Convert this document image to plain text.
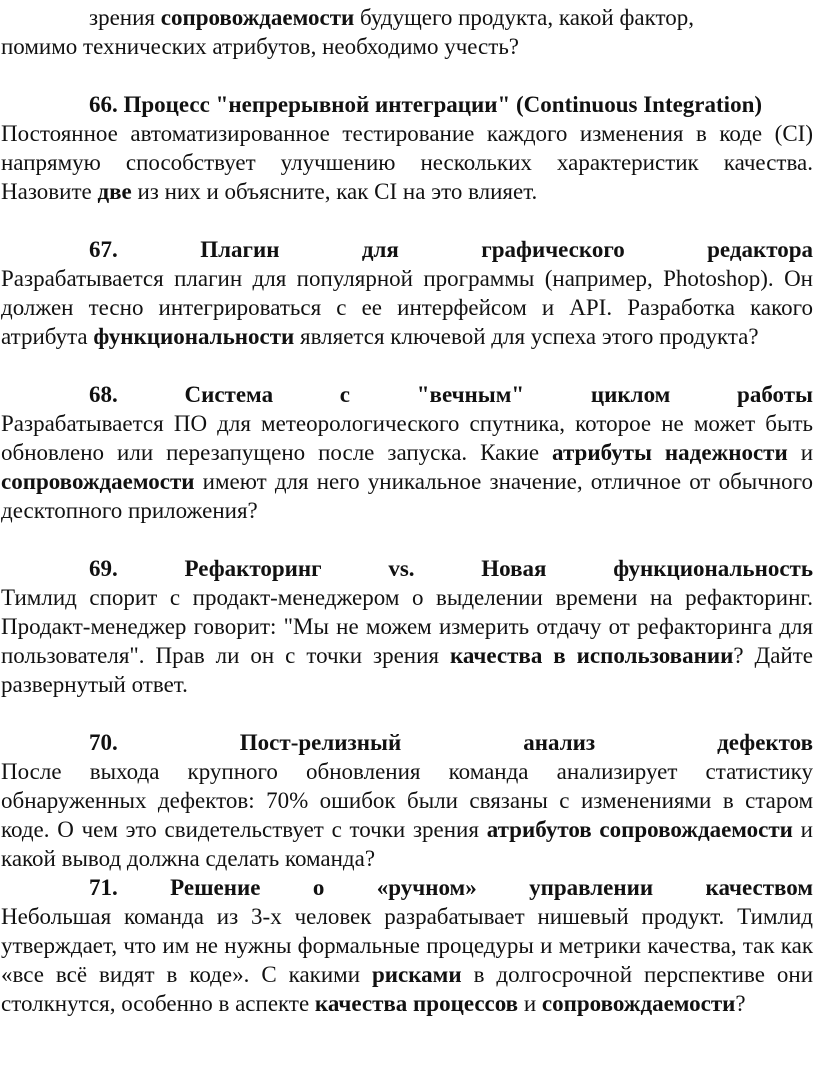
зрения сопровождаемости будущего продукта, какой фактор,

помимо технических атрибутов, необходимо учесть?

66. Процесс "непрерывной интеграции" (Continuous Integration)

Постоянное автоматизированное тестирование каждого изменения в коде (CI) напрямую способствует улучшению нескольких характеристик качества. Назовите две из них и объясните, как CI на это влияет.

67.	Плагин для графического редактора

Разрабатывается плагин для популярной программы (например, Photoshop). Он должен тесно интегрироваться с ее интерфейсом и API. Разработка какого атрибута функциональности является ключевой для успеха этого продукта?

68.	Система с "вечным" циклом работы

Разрабатывается ПО для метеорологического спутника, которое не может быть обновлено или перезапущено после запуска. Какие атрибуты надежности и сопровождаемости имеют для него уникальное значение, отличное от обычного десктопного приложения?

69.	Рефакторинг vs. Новая функциональность

Тимлид спорит с продакт-менеджером о выделении времени на рефакторинг. Продакт-менеджер говорит: "Мы не можем измерить отдачу от рефакторинга для пользователя". Прав ли он с точки зрения качества в использовании? Дайте развернутый ответ.

70.	Пост-релизный анализ дефектов

После выхода крупного обновления команда анализирует статистику обнаруженных дефектов: 70% ошибок были связаны с изменениями в старом коде. О чем это свидетельствует с точки зрения атрибутов сопровождаемости и какой вывод должна сделать команда?

71. Решение о «ручном» управлении качеством

Небольшая команда из 3-х человек разрабатывает нишевый продукт. Тимлид утверждает, что им не нужны формальные процедуры и метрики качества, так как «все всё видят в коде». С какими рисками в долгосрочной перспективе они столкнутся, особенно в аспекте качества процессов и сопровождаемости?
